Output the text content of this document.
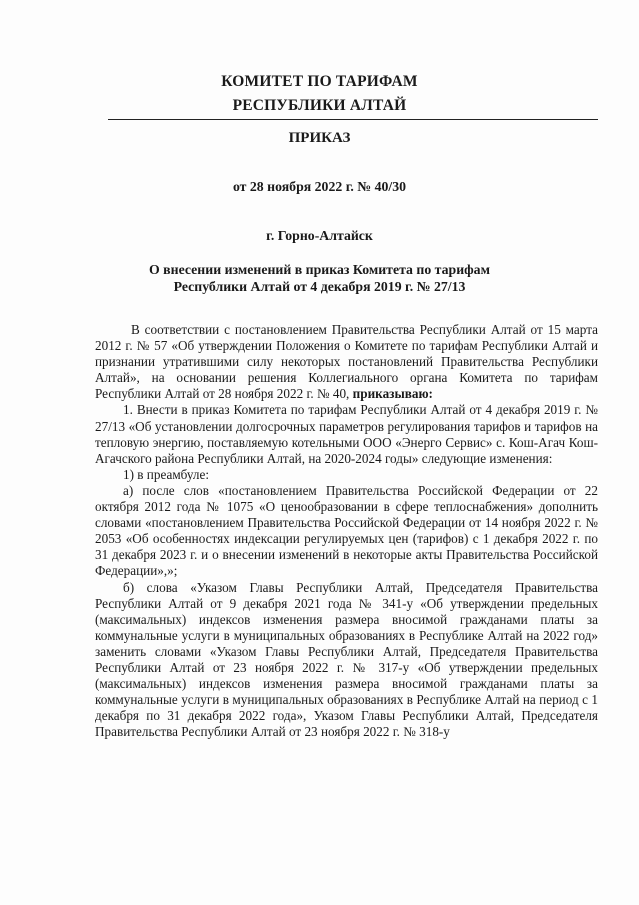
КОМИТЕТ ПО ТАРИФАМ
РЕСПУБЛИКИ АЛТАЙ
ПРИКАЗ
от 28 ноября 2022 г. № 40/30
г. Горно-Алтайск
О внесении изменений в приказ Комитета по тарифам
Республики Алтай от 4 декабря 2019 г. № 27/13

В соответствии с постановлением Правительства Республики Алтай от 15 марта 2012 г. № 57 «Об утверждении Положения о Комитете по тарифам Республики Алтай и признании утратившими силу некоторых постановлений Правительства Республики Алтай», на основании решения Коллегиального органа Комитета по тарифам Республики Алтай от 28 ноября 2022 г. № 40, приказываю:

1. Внести в приказ Комитета по тарифам Республики Алтай от 4 декабря 2019 г. № 27/13 «Об установлении долгосрочных параметров регулирования тарифов и тарифов на тепловую энергию, поставляемую котельными ООО «Энерго Сервис» с. Кош-Агач Кош-Агачского района Республики Алтай, на 2020-2024 годы» следующие изменения:

1) в преамбуле:

а) после слов «постановлением Правительства Российской Федерации от 22 октября 2012 года № 1075 «О ценообразовании в сфере теплоснабжения» дополнить словами «постановлением Правительства Российской Федерации от 14 ноября 2022 г. № 2053 «Об особенностях индексации регулируемых цен (тарифов) с 1 декабря 2022 г. по 31 декабря 2023 г. и о внесении изменений в некоторые акты Правительства Российской Федерации»,»;

б) слова «Указом Главы Республики Алтай, Председателя Правительства Республики Алтай от 9 декабря 2021 года № 341-у «Об утверждении предельных (максимальных) индексов изменения размера вносимой гражданами платы за коммунальные услуги в муниципальных образованиях в Республике Алтай на 2022 год» заменить словами «Указом Главы Республики Алтай, Председателя Правительства Республики Алтай от 23 ноября 2022 г. № 317-у «Об утверждении предельных (максимальных) индексов изменения размера вносимой гражданами платы за коммунальные услуги в муниципальных образованиях в Республике Алтай на период с 1 декабря по 31 декабря 2022 года», Указом Главы Республики Алтай, Председателя Правительства Республики Алтай от 23 ноября 2022 г. № 318-у
